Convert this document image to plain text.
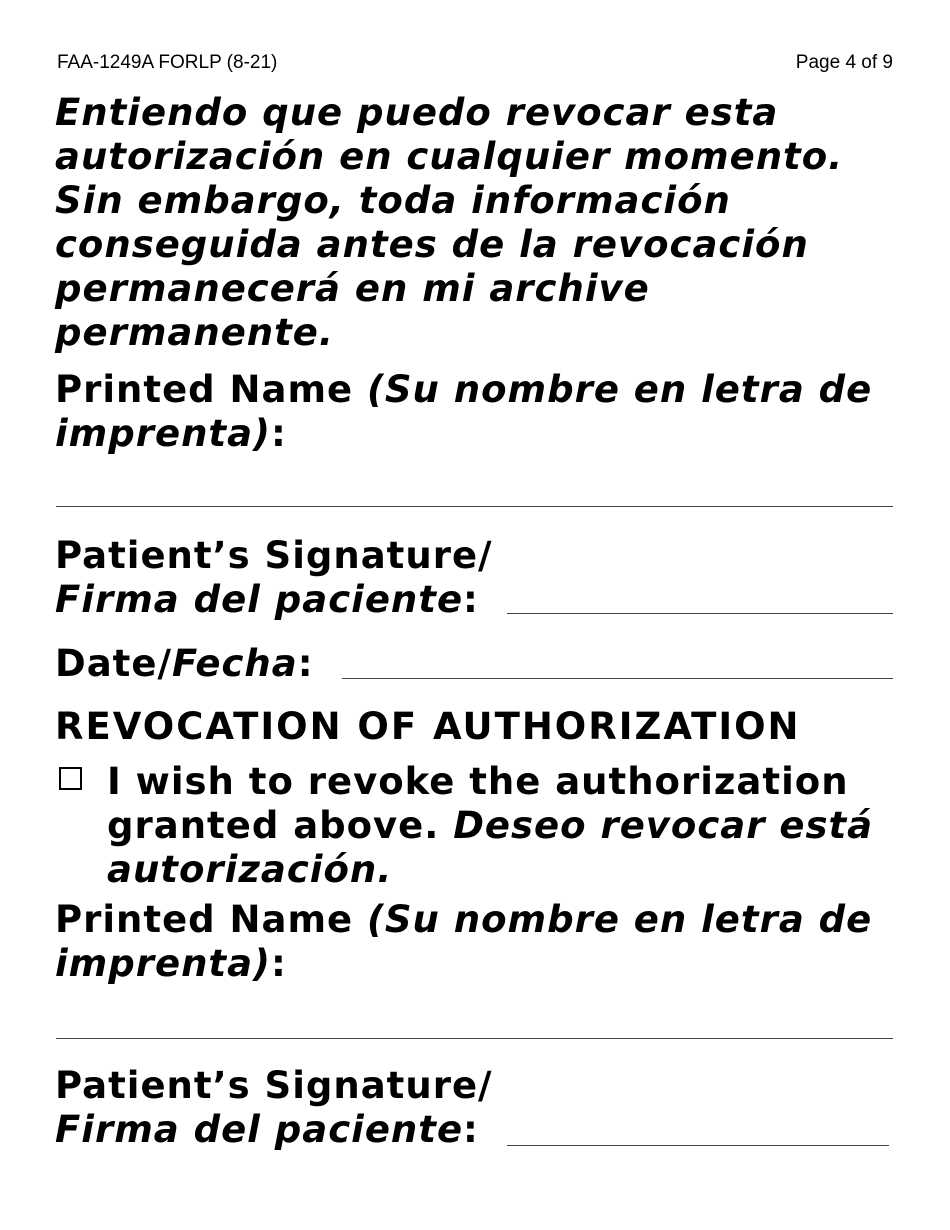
FAA-1249A FORLP (8-21)	Page 4 of 9
Entiendo que puedo revocar esta autorización en cualquier momento. Sin embargo, toda información conseguida antes de la revocación permanecerá en mi archive permanente.
Printed Name (Su nombre en letra de imprenta):
Patient’s Signature/
Firma del paciente:
Date/Fecha:
REVOCATION OF AUTHORIZATION
I wish to revoke the authorization granted above. Deseo revocar está autorización.
Printed Name (Su nombre en letra de imprenta):
Patient’s Signature/
Firma del paciente:
